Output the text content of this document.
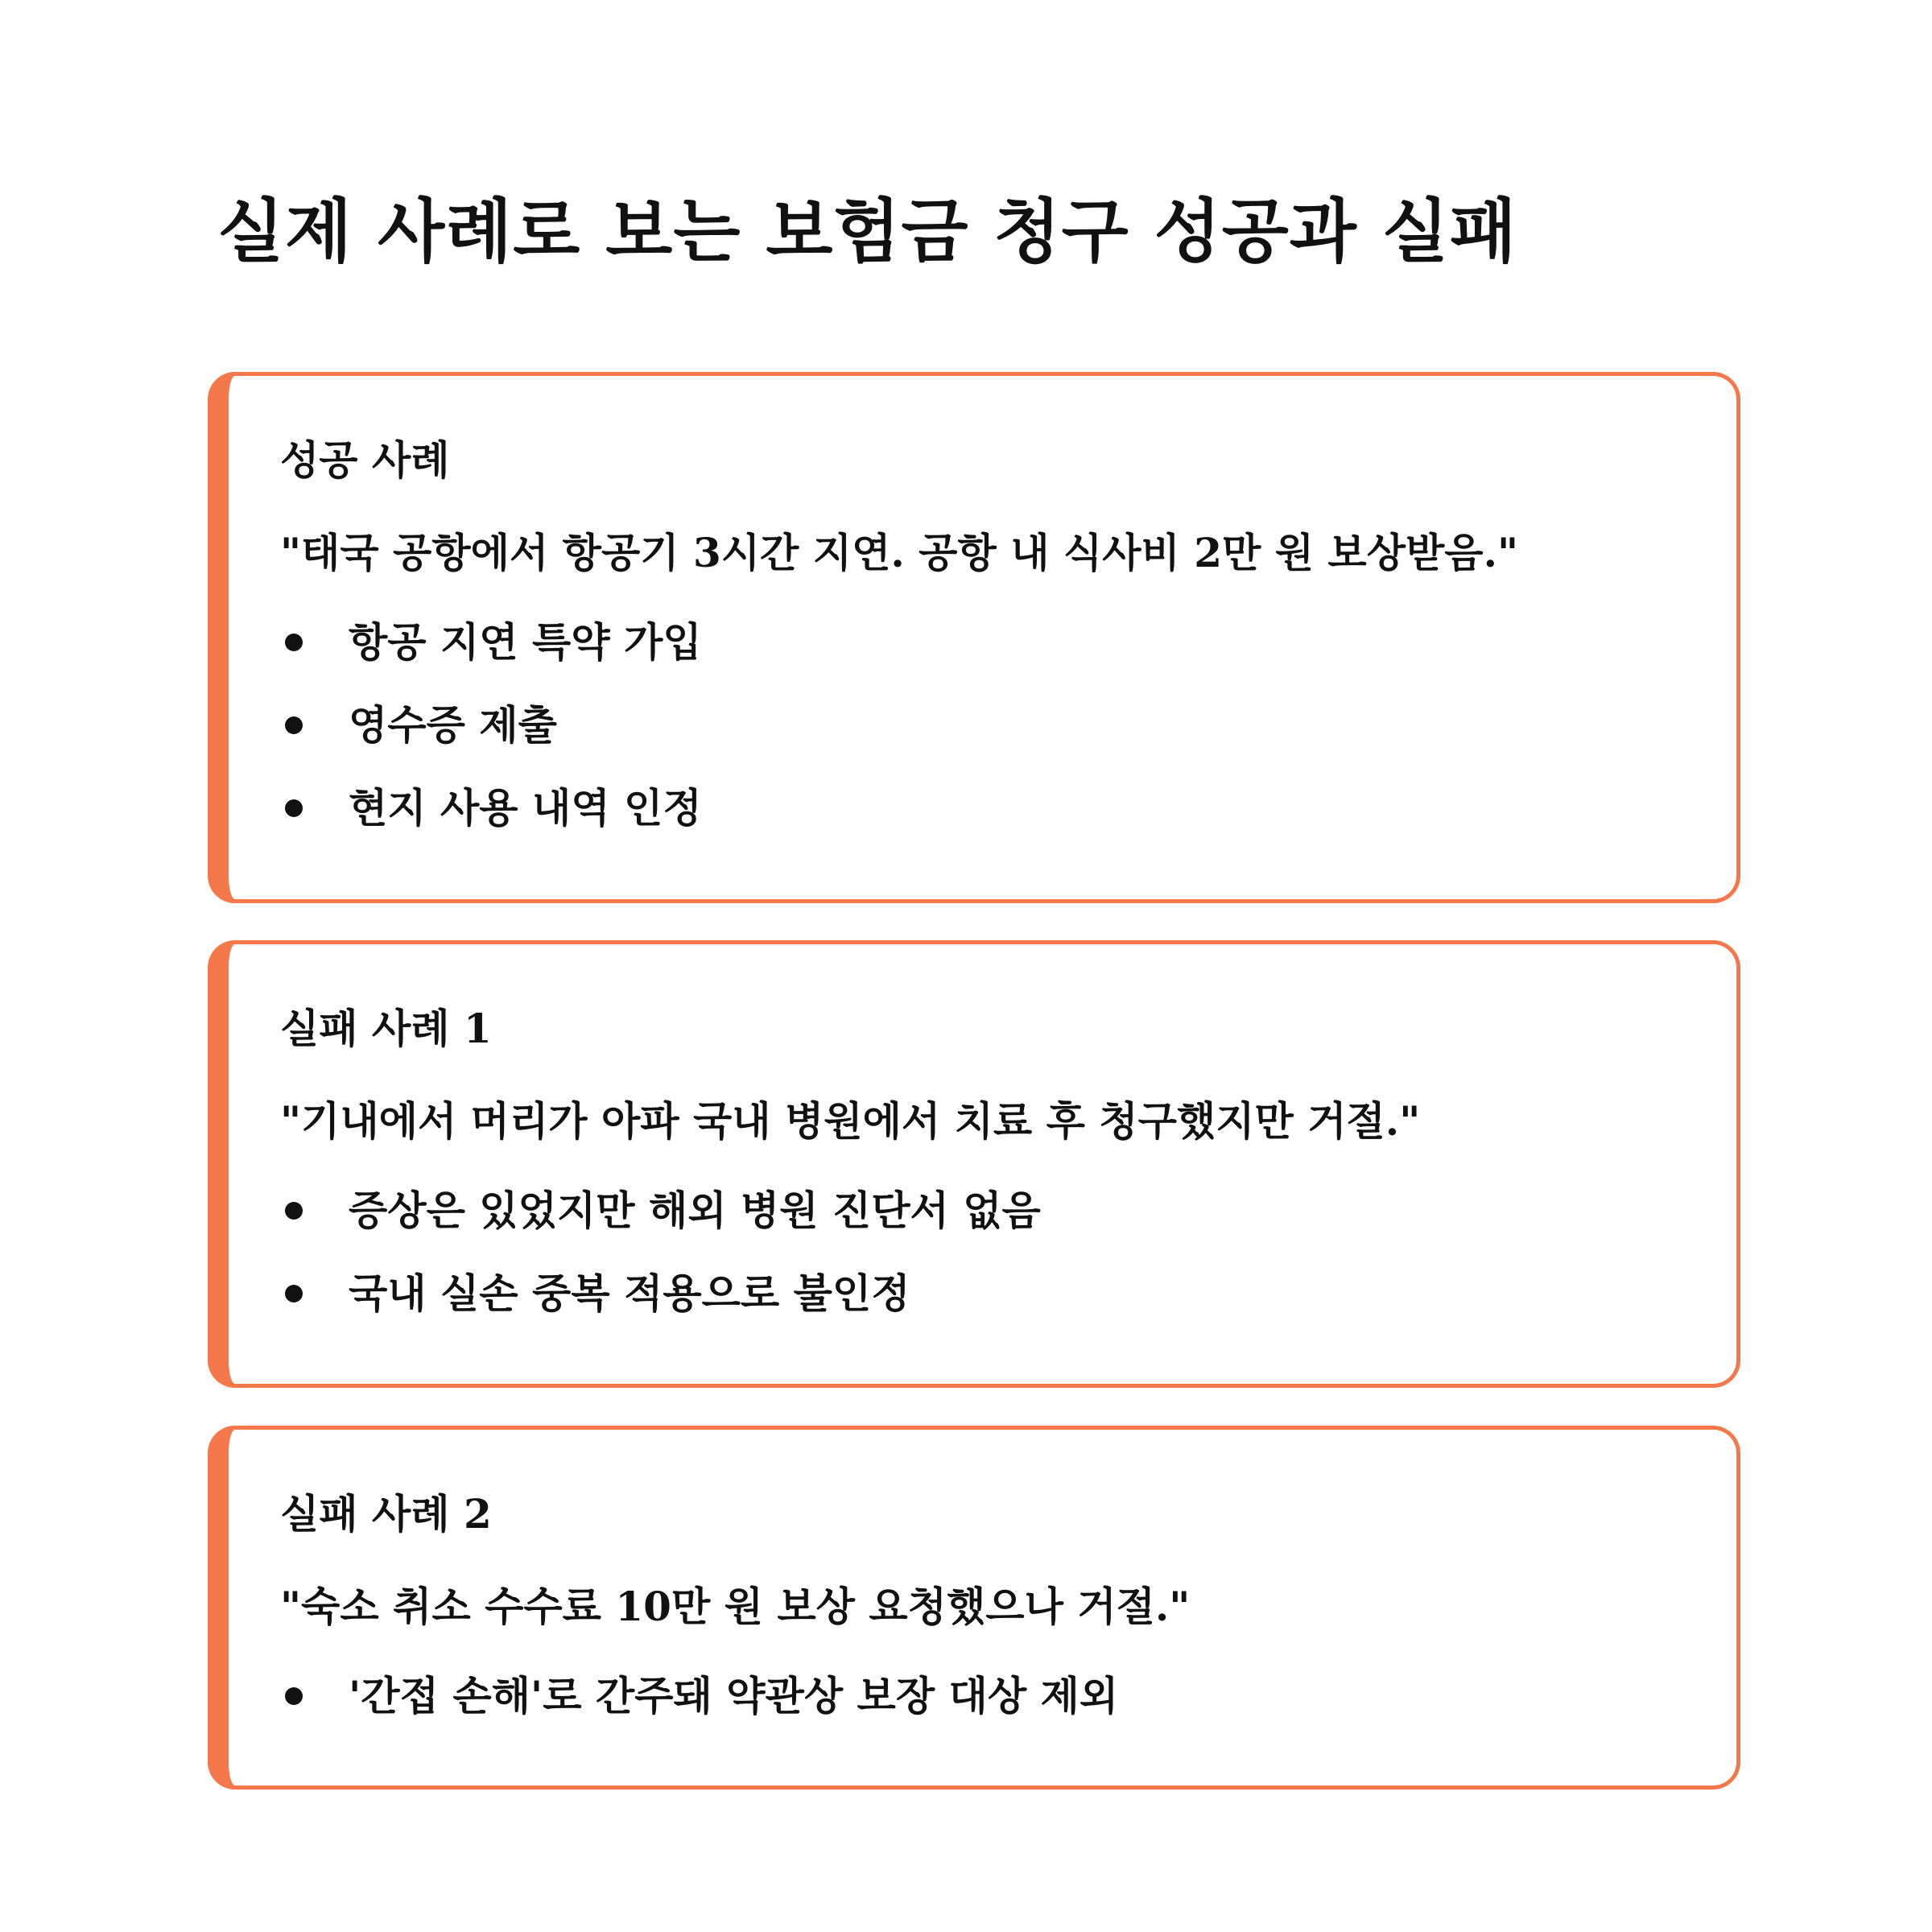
실제 사례로 보는 보험금 청구 성공과 실패
성공 사례

"태국 공항에서 항공기 3시간 지연. 공항 내 식사비 2만 원 보상받음."

항공 지연 특약 가입
영수증 제출
현지 사용 내역 인정
실패 사례 1

"기내에서 머리가 아파 국내 병원에서 치료 후 청구했지만 거절."

증상은 있었지만 해외 병원 진단서 없음
국내 실손 중복 적용으로 불인정
실패 사례 2

"숙소 취소 수수료 10만 원 보상 요청했으나 거절."

'간접 손해'로 간주돼 약관상 보장 대상 제외
